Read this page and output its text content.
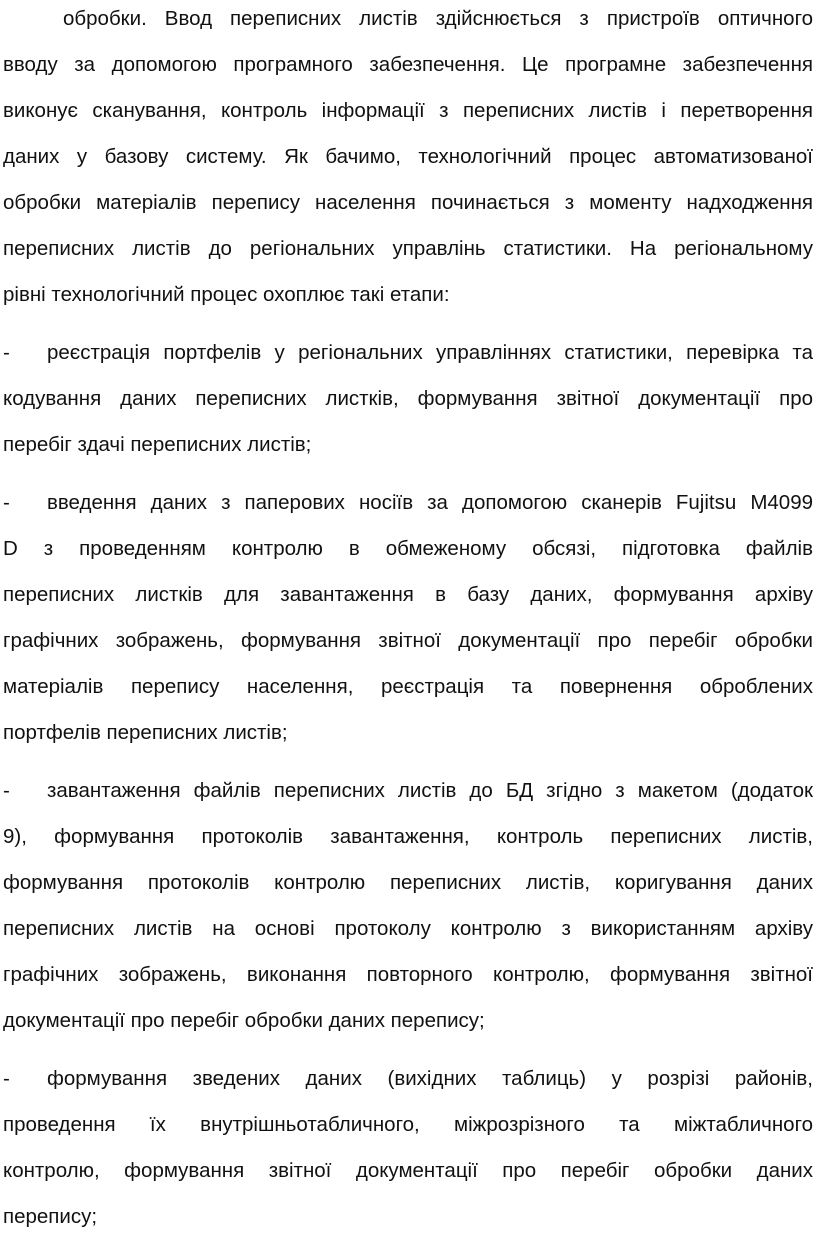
обробки. Ввод переписних листів здійснюється з пристроїв оптичного
вводу за допомогою програмного забезпечення. Це програмне забезпечення
виконує сканування, контроль інформації з переписних листів і перетворення
даних у базову систему. Як бачимо, технологічний процес автоматизованої
обробки матеріалів перепису населення починається з моменту надходження
переписних листів до регіональних управлінь статистики. На регіональному
рівні технологічний процес охоплює такі етапи:
- реєстрація портфелів у регіональних управліннях статистики, перевірка та
кодування даних переписних листків, формування звітної документації про
перебіг здачі переписних листів;
- введення даних з паперових носіїв за допомогою сканерів Fujitsu M4099
D з проведенням контролю в обмеженому обсязі, підготовка файлів
переписних листків для завантаження в базу даних, формування архіву
графічних зображень, формування звітної документації про перебіг обробки
матеріалів перепису населення, реєстрація та повернення оброблених
портфелів переписних листів;
- завантаження файлів переписних листів до БД згідно з макетом (додаток
9), формування протоколів завантаження, контроль переписних листів,
формування протоколів контролю переписних листів, коригування даних
переписних листів на основі протоколу контролю з використанням архіву
графічних зображень, виконання повторного контролю, формування звітної
документації про перебіг обробки даних перепису;
- формування зведених даних (вихідних таблиць) у розрізі районів,
проведення їх внутрішньотабличного, міжрозрізного та міжтабличного
контролю, формування звітної документації про перебіг обробки даних
перепису;
